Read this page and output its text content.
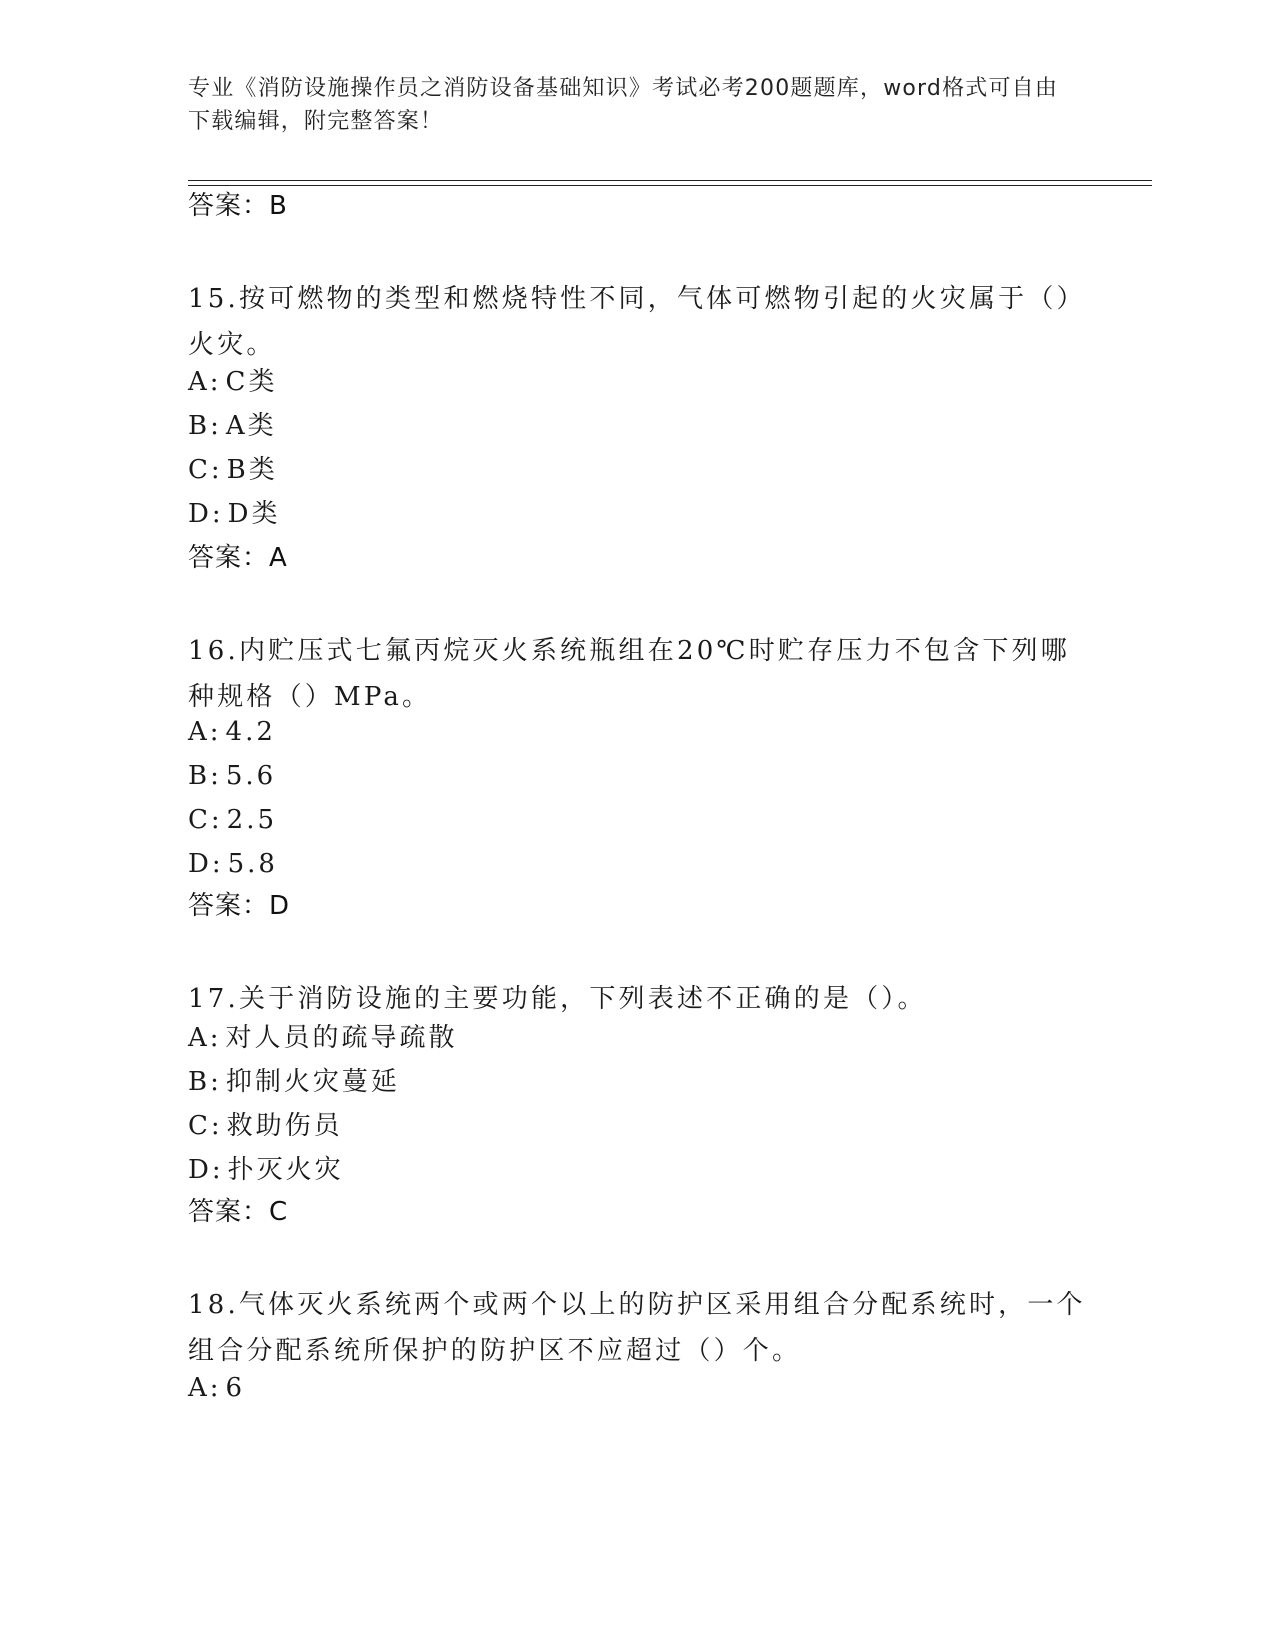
专业《消防设施操作员之消防设备基础知识》考试必考200题题库，word格式可自由下载编辑，附完整答案！
答案：B
15.按可燃物的类型和燃烧特性不同，气体可燃物引起的火灾属于（）火灾。
A: C类
B: A类
C: B类
D: D类
答案：A
16.内贮压式七氟丙烷灭火系统瓶组在20℃时贮存压力不包含下列哪种规格（）MPa。
A: 4.2
B: 5.6
C: 2.5
D: 5.8
答案：D
17.关于消防设施的主要功能，下列表述不正确的是（）。
A: 对人员的疏导疏散
B: 抑制火灾蔓延
C: 救助伤员
D: 扑灭火灾
答案：C
18.气体灭火系统两个或两个以上的防护区采用组合分配系统时，一个组合分配系统所保护的防护区不应超过（）个。
A: 6
